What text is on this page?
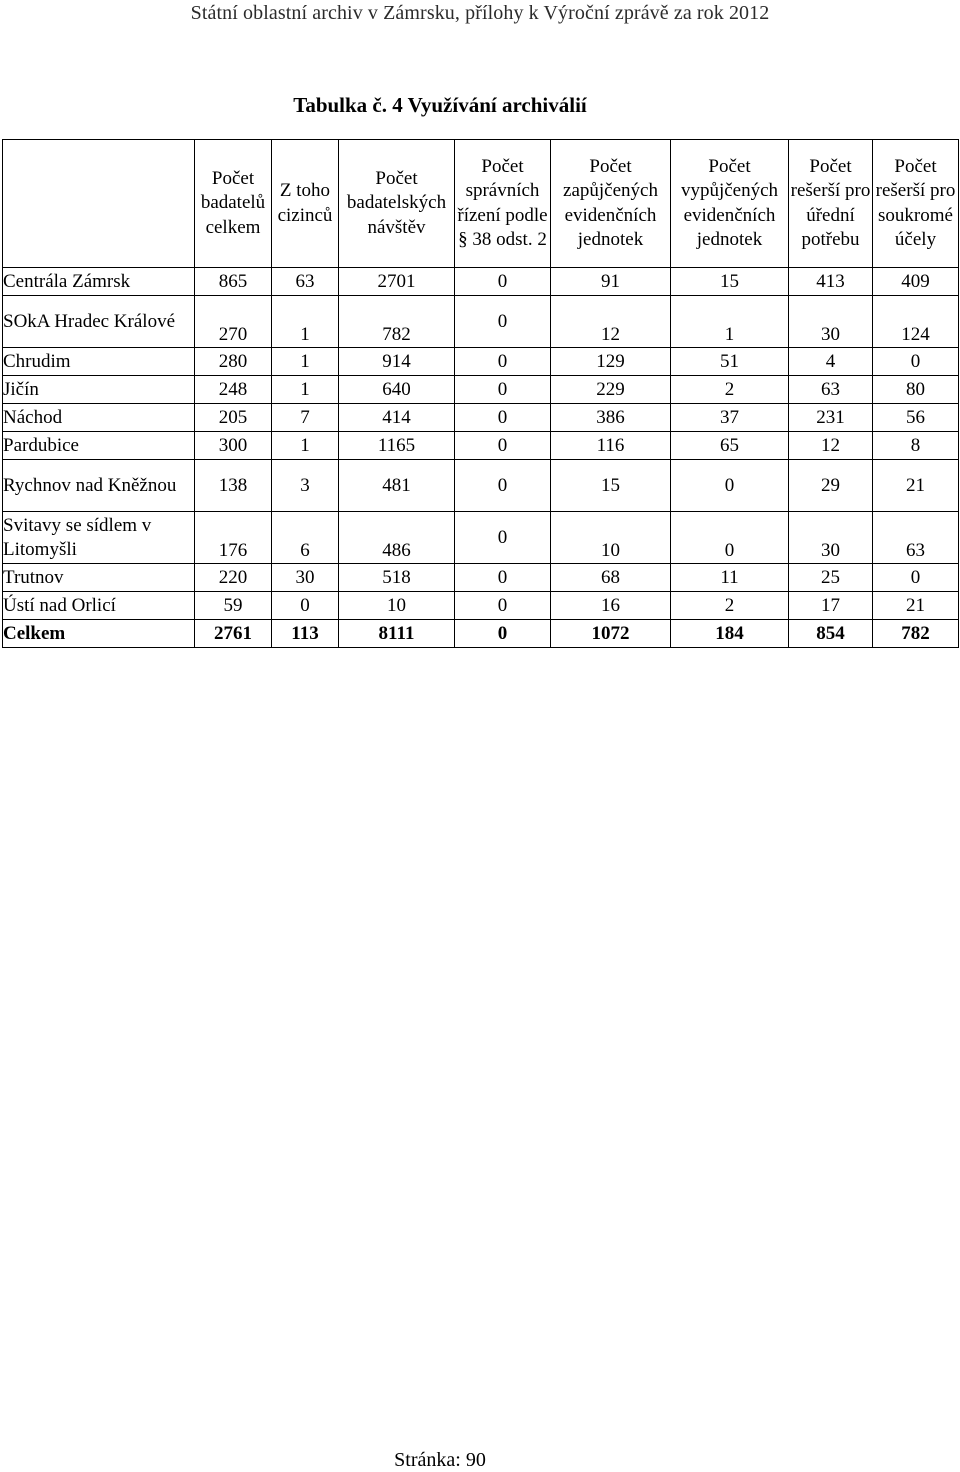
Státní oblastní archiv v Zámrsku, přílohy k Výroční zprávě za rok 2012
Tabulka č. 4 Využívání archiválií
	Počet badatelů celkem	Z toho cizinců	Počet badatelských návštěv	Počet správních řízení podle § 38 odst. 2	Počet zapůjčených evidenčních jednotek	Počet vypůjčených evidenčních jednotek	Počet rešerší pro úřední potřebu	Počet rešerší pro soukromé účely
Centrála Zámrsk	865	63	2701	0	91	15	413	409
SOkA Hradec Králové	270	1	782	0	12	1	30	124
Chrudim	280	1	914	0	129	51	4	0
Jičín	248	1	640	0	229	2	63	80
Náchod	205	7	414	0	386	37	231	56
Pardubice	300	1	1165	0	116	65	12	8
Rychnov nad Kněžnou	138	3	481	0	15	0	29	21
Svitavy se sídlem v Litomyšli	176	6	486	0	10	0	30	63
Trutnov	220	30	518	0	68	11	25	0
Ústí nad Orlicí	59	0	10	0	16	2	17	21
Celkem	2761	113	8111	0	1072	184	854	782
Stránka: 90
